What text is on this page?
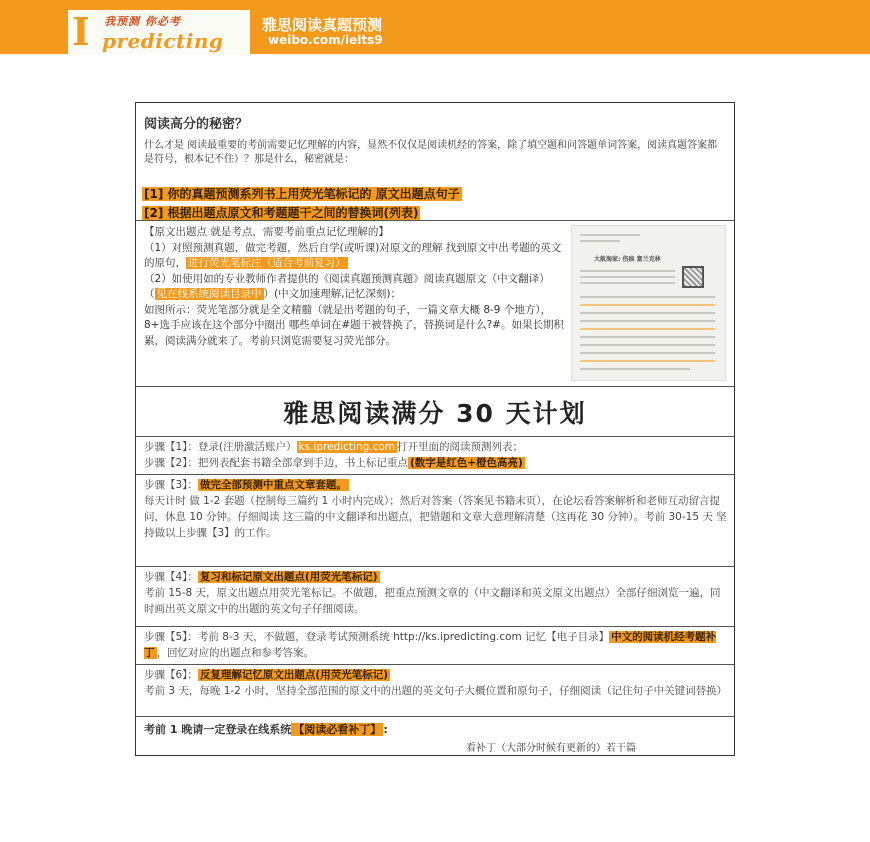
I 我预测 你必考
predicting
雅思阅读真题预测
weibo.com/ielts9
阅读高分的秘密？
什么才是 阅读最重要的考前需要记忆理解的内容，显然不仅仅是阅读机经的答案，除了填空题和问答题单词答案，阅读真题答案都是符号，根本记不住）？那是什么，秘密就是：
[1] 你的真题预测系列书上用荧光笔标记的 原文出题点句子
[2] 根据出题点原文和考题题干之间的替换词(列表)
【原文出题点 就是考点，需要考前重点记忆理解的】
（1）对照预测真题，做完考题，然后自学(或听课)对原文的理解 找到原文中出考题的英文的原句， 进行荧光笔标注（适合考前复习）
（2）如使用如的专业教师作者提供的《阅读真题预测真题》阅读真题原文（中文翻译）（ 见在线系统阅读目录中 ）(中文加速理解,记忆深刻)；
如图所示：荧光笔部分就是全文精髓（就是出考题的句子，一篇文章大概 8-9 个地方），8+选手应该在这个部分中圈出 哪些单词在#题干被替换了，替换词是什么?#。如果长期积累，阅读满分就来了。考前只浏览需要复习荧光部分。
大航海家: 伤痕 富兰克林
雅思阅读满分 30 天计划
步骤【1】：登录(注册激活账户） ks.ipredicting.com 打开里面的阅读预测列表；
步骤【2】：把列表配套书籍全部拿到手边，书上标记重点 (数字是红色+橙色高亮)
步骤【3】： 做完全部预测中重点文章套题。
每天计时 做 1-2 套题（控制每三篇约 1 小时内完成）；然后对答案（答案见书籍末页），在论坛看答案解析和老师互动留言提问，休息 10 分钟。仔细阅读 这三篇的中文翻译和出题点，把错题和文章大意理解清楚（这再花 30 分钟）。考前 30-15 天 坚持做以上步骤【3】的工作。
步骤【4】： 复习和标记原文出题点(用荧光笔标记)
考前 15-8 天，原文出题点用荧光笔标记。不做题，把重点预测文章的（中文翻译和英文原文出题点）全部仔细浏览一遍，同时画出英文原文中的出题的英文句子仔细阅读。
步骤【5】：考前 8-3 天，不做题，登录考试预测系统 http://ks.ipredicting.com 记忆【电子目录】 中文的阅读机经考题补丁 ，回忆对应的出题点和参考答案。
步骤【6】： 反复理解记忆原文出题点(用荧光笔标记)
考前 3 天，每晚 1-2 小时，坚持全部范围的原文中的出题的英文句子大概位置和原句子，仔细阅读（记住句子中关键词替换）
考前 1 晚请一定登录在线系统 【阅读必看补丁】 :
看补丁（大部分时候有更新的）若干篇
